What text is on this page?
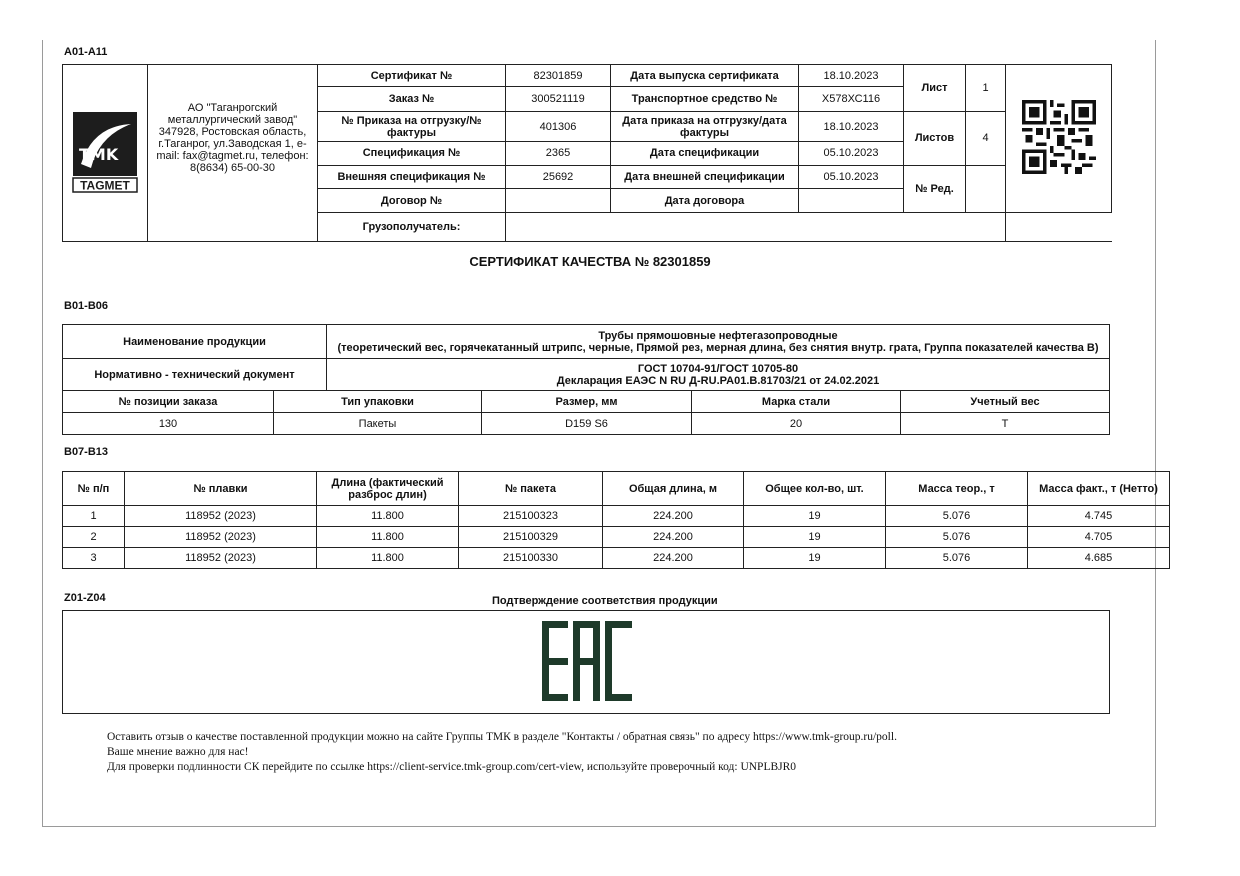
A01-A11
TMK
TAGMET	АО "Таганрогский металлургический завод" 347928, Ростовская область, г.Таганрог, ул.Заводская 1, e-mail: fax@tagmet.ru, телефон: 8(8634) 65-00-30	Сертификат №	82301859	Дата выпуска сертификата	18.10.2023	Лист	1	
		Заказ №	300521119	Транспортное средство №	Х578ХС116			
		№ Приказа на отгрузку/№ фактуры	401306	Дата приказа на отгрузку/дата фактуры	18.10.2023	Листов	4	
		Спецификация №	2365	Дата спецификации	05.10.2023			
		Внешняя спецификация №	25692	Дата внешней спецификации	05.10.2023	№ Ред.		
		Договор №		Дата договора				
		Грузополучатель:						
СЕРТИФИКАТ КАЧЕСТВА № 82301859
B01-B06
Наименование продукции	Трубы прямошовные нефтегазопроводные
(теоретический вес, горячекатанный штрипс, черные, Прямой рез, мерная длина, без снятия внутр. грата, Группа показателей качества В)

Нормативно - технический документ	ГОСТ 10704-91/ГОСТ 10705-80
Декларация ЕАЭС N RU Д-RU.PA01.B.81703/21 от 24.02.2021
№ позиции заказа	Тип упаковки	Размер, мм	Марка стали	Учетный вес
130	Пакеты	D159 S6	20	Т
B07-B13
№ п/п	№ плавки	Длина (фактический разброс длин)	№ пакета	Общая длина, м	Общее кол-во, шт.	Масса теор., т	Масса факт., т (Нетто)
1	118952 (2023)	11.800	215100323	224.200	19	5.076	4.745
2	118952 (2023)	11.800	215100329	224.200	19	5.076	4.705
3	118952 (2023)	11.800	215100330	224.200	19	5.076	4.685
Z01-Z04	Подтверждение соответствия продукции
EAC
Оставить отзыв о качестве поставленной продукции можно на сайте Группы ТМК в разделе "Контакты / обратная связь" по адресу https://www.tmk-group.ru/poll.
Ваше мнение важно для нас!
Для проверки подлинности СК перейдите по ссылке https://client-service.tmk-group.com/cert-view, используйте проверочный код: UNPLBJR0
